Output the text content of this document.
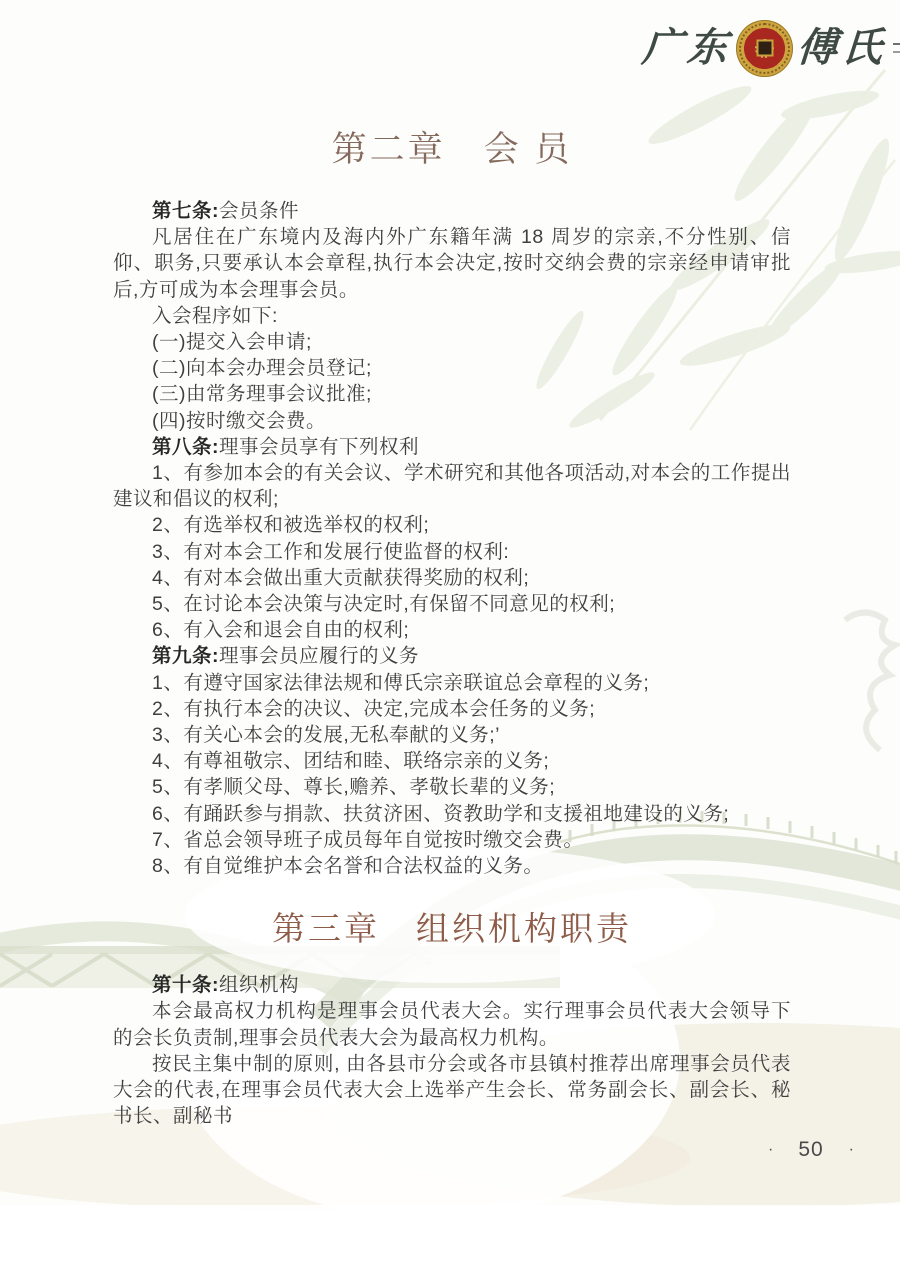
广东 傅氏
第二章　会 员

第七条:会员条件

凡居住在广东境内及海内外广东籍年满 18 周岁的宗亲,不分性别、信仰、职务,只要承认本会章程,执行本会决定,按时交纳会费的宗亲经申请审批后,方可成为本会理事会员。

入会程序如下:

(一)提交入会申请;

(二)向本会办理会员登记;

(三)由常务理事会议批准;

(四)按时缴交会费。

第八条:理事会员享有下列权利

1、有参加本会的有关会议、学术研究和其他各项活动,对本会的工作提出建议和倡议的权利;

2、有选举权和被选举权的权利;

3、有对本会工作和发展行使监督的权利:

4、有对本会做出重大贡献获得奖励的权利;

5、在讨论本会决策与决定时,有保留不同意见的权利;

6、有入会和退会自由的权利;

第九条:理事会员应履行的义务

1、有遵守国家法律法规和傅氏宗亲联谊总会章程的义务;

2、有执行本会的决议、决定,完成本会任务的义务;

3、有关心本会的发展,无私奉献的义务;’

4、有尊祖敬宗、团结和睦、联络宗亲的义务;

5、有孝顺父母、尊长,赡养、孝敬长辈的义务;

6、有踊跃参与捐款、扶贫济困、资教助学和支援祖地建设的义务;

7、省总会领导班子成员每年自觉按时缴交会费。

8、有自觉维护本会名誉和合法权益的义务。

第三章　组织机构职责

第十条:组织机构

本会最高权力机构是理事会员代表大会。实行理事会员代表大会领导下的会长负责制,理事会员代表大会为最高权力机构。

按民主集中制的原则, 由各县市分会或各市县镇村推荐出席理事会员代表大会的代表,在理事会员代表大会上选举产生会长、常务副会长、副会长、秘书长、副秘书

· 50 ·
